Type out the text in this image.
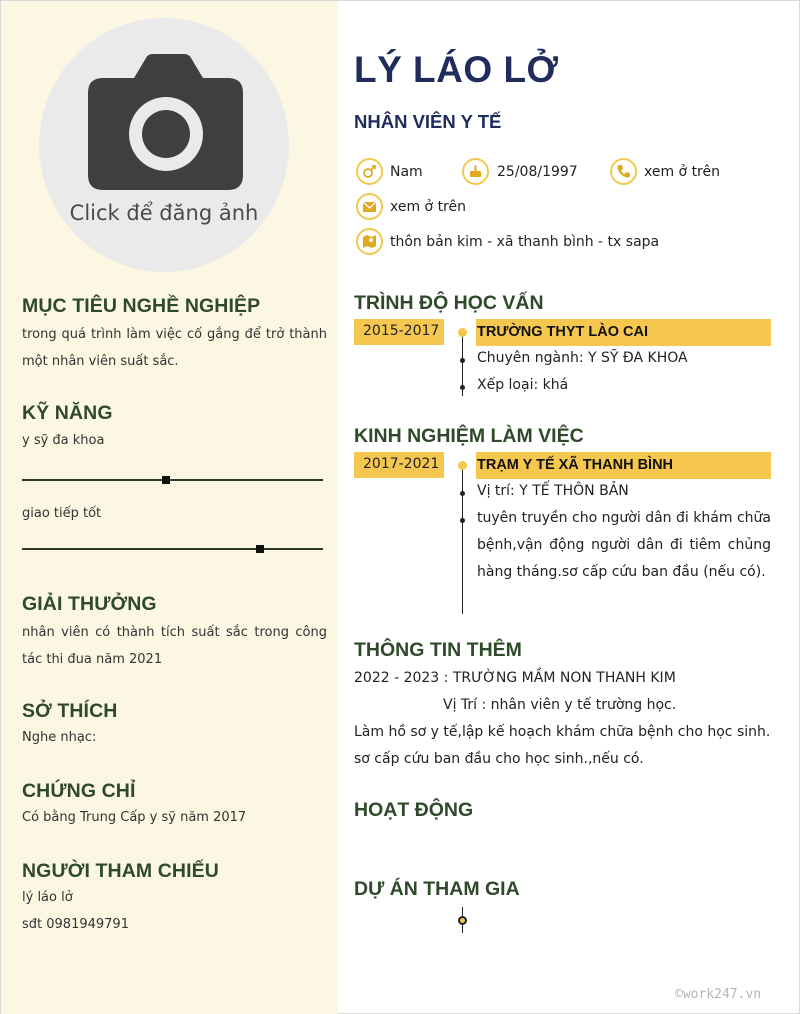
Click để đăng ảnh
MỤC TIÊU NGHỀ NGHIỆP
trong quá trình làm việc cố gắng để trở thành một nhân viên suất sắc.
KỸ NĂNG
y sỹ đa khoa
giao tiếp tốt
GIẢI THƯỞNG
nhân viên có thành tích suất sắc trong công tác thi đua năm 2021
SỞ THÍCH
Nghe nhạc:
CHỨNG CHỈ
Có bằng Trung Cấp y sỹ năm 2017
NGƯỜI THAM CHIẾU
lý láo lở
sđt 0981949791
LÝ LÁO LỞ
NHÂN VIÊN Y TẾ
Nam	25/08/1997	xem ở trên
xem ở trên
thôn bản kim - xã thanh bình - tx sapa
TRÌNH ĐỘ HỌC VẤN
2015-2017	TRƯỜNG THYT LÀO CAI
Chuyên ngành: Y SỸ ĐA KHOA
Xếp loại: khá
KINH NGHIỆM LÀM VIỆC
2017-2021	TRẠM Y TẾ XÃ THANH BÌNH
Vị trí: Y TẾ THÔN BẢN
tuyên truyền cho người dân đi khám chữa bệnh,vận động người dân đi tiêm chủng hàng tháng.sơ cấp cứu ban đầu (nếu có).
THÔNG TIN THÊM
2022 - 2023 : TRƯỜNG MẦM NON THANH KIM
Vị Trí : nhân viên y tế trường học.
Làm hồ sơ y tế,lập kế hoạch khám chữa bệnh cho học sinh.
sơ cấp cứu ban đầu cho học sinh.,nếu có.
HOẠT ĐỘNG
DỰ ÁN THAM GIA
©work247.vn
